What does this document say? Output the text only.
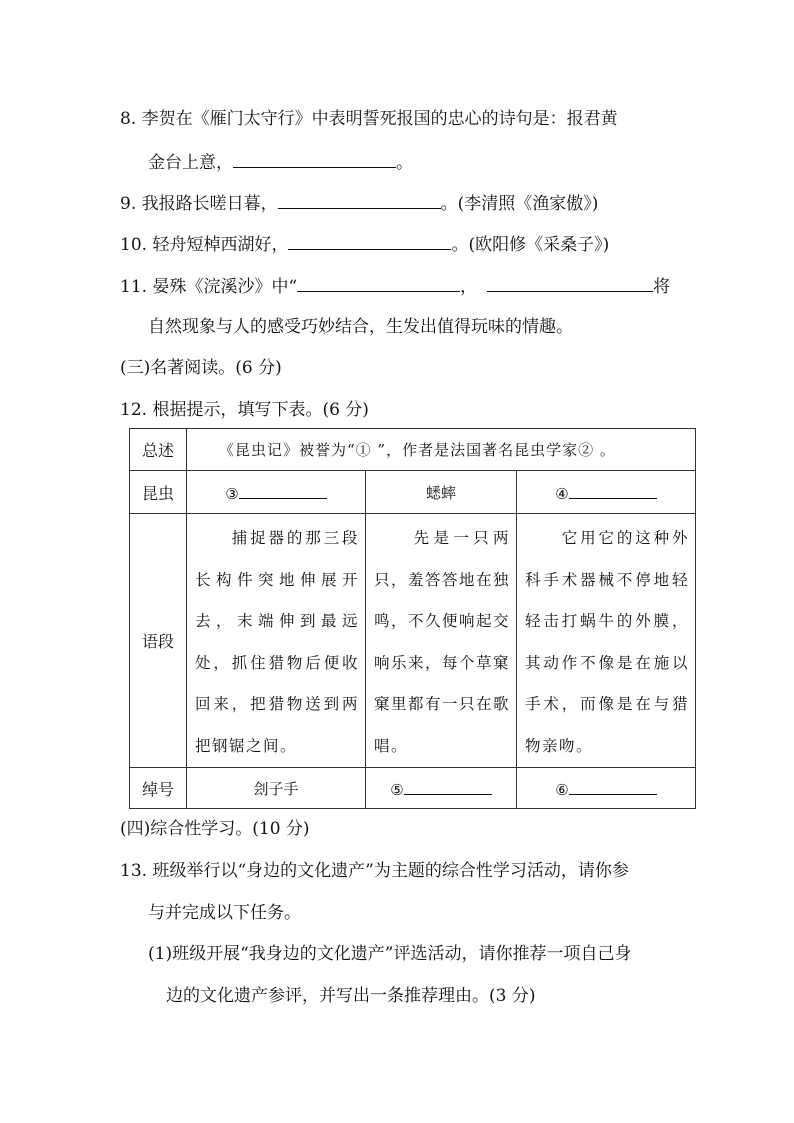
8. 李贺在《雁门太守行》中表明誓死报国的忠心的诗句是：报君黄
金台上意，	。
9. 我报路长嗟日暮，	。(李清照《渔家傲》)
10. 轻舟短棹西湖好，	。(欧阳修《采桑子》)
11. 晏殊《浣溪沙》中“	，	将
自然现象与人的感受巧妙结合，生发出值得玩味的情趣。
(三)名著阅读。(6 分)
12. 根据提示，填写下表。(6 分)
总述	《昆虫记》被誉为“① ”，作者是法国著名昆虫学家② 。		
昆虫	③	蟋蟀	④
语段	　　捕捉器的那三段长构件突地伸展开去，末端伸到最远处，抓住猎物后便收回来，把猎物送到两把钢锯之间。	　　先是一只两只，羞答答地在独鸣，不久便响起交响乐来，每个草窠窠里都有一只在歌唱。	　　它用它的这种外科手术器械不停地轻轻击打蜗牛的外膜，其动作不像是在施以手术，而像是在与猎物亲吻。
绰号	刽子手	⑤	⑥
(四)综合性学习。(10 分)
13. 班级举行以“身边的文化遗产”为主题的综合性学习活动，请你参
与并完成以下任务。
(1)班级开展“我身边的文化遗产”评选活动，请你推荐一项自己身
边的文化遗产参评，并写出一条推荐理由。(3 分)
